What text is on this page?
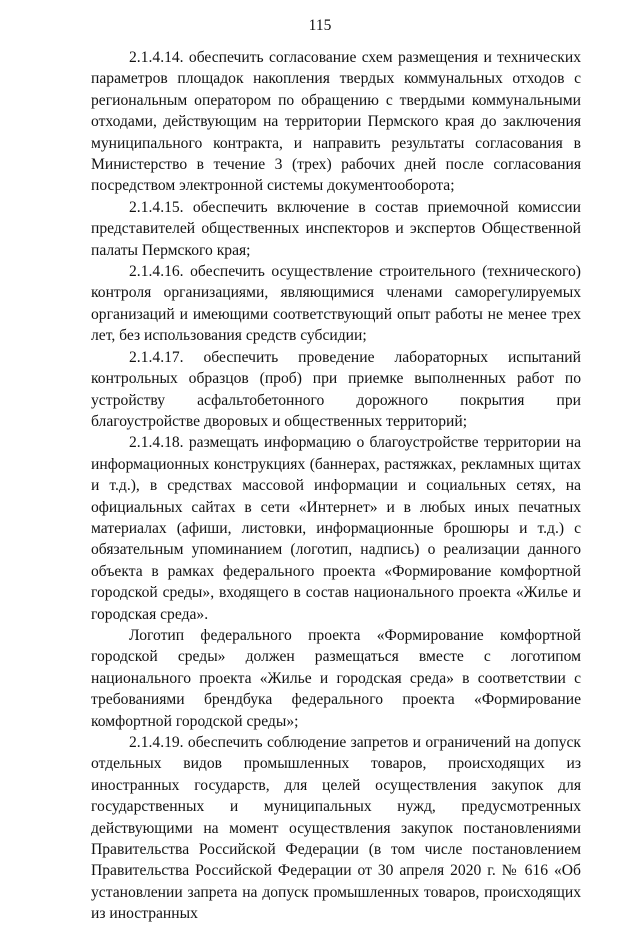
115

2.1.4.14. обеспечить согласование схем размещения и технических параметров площадок накопления твердых коммунальных отходов с региональным оператором по обращению с твердыми коммунальными отходами, действующим на территории Пермского края до заключения муниципального контракта, и направить результаты согласования в Министерство в течение 3 (трех) рабочих дней после согласования посредством электронной системы документооборота;

2.1.4.15. обеспечить включение в состав приемочной комиссии представителей общественных инспекторов и экспертов Общественной палаты Пермского края;

2.1.4.16. обеспечить осуществление строительного (технического) контроля организациями, являющимися членами саморегулируемых организаций и имеющими соответствующий опыт работы не менее трех лет, без использования средств субсидии;

2.1.4.17. обеспечить проведение лабораторных испытаний контрольных образцов (проб) при приемке выполненных работ по устройству асфальтобетонного дорожного покрытия при благоустройстве дворовых и общественных территорий;

2.1.4.18. размещать информацию о благоустройстве территории на информационных конструкциях (баннерах, растяжках, рекламных щитах и т.д.), в средствах массовой информации и социальных сетях, на официальных сайтах в сети «Интернет» и в любых иных печатных материалах (афиши, листовки, информационные брошюры и т.д.) с обязательным упоминанием (логотип, надпись) о реализации данного объекта в рамках федерального проекта «Формирование комфортной городской среды», входящего в состав национального проекта «Жилье и городская среда».

Логотип федерального проекта «Формирование комфортной городской среды» должен размещаться вместе с логотипом национального проекта «Жилье и городская среда» в соответствии с требованиями брендбука федерального проекта «Формирование комфортной городской среды»;

2.1.4.19. обеспечить соблюдение запретов и ограничений на допуск отдельных видов промышленных товаров, происходящих из иностранных государств, для целей осуществления закупок для государственных и муниципальных нужд, предусмотренных действующими на момент осуществления закупок постановлениями Правительства Российской Федерации (в том числе постановлением Правительства Российской Федерации от 30 апреля 2020 г. № 616 «Об установлении запрета на допуск промышленных товаров, происходящих из иностранных
